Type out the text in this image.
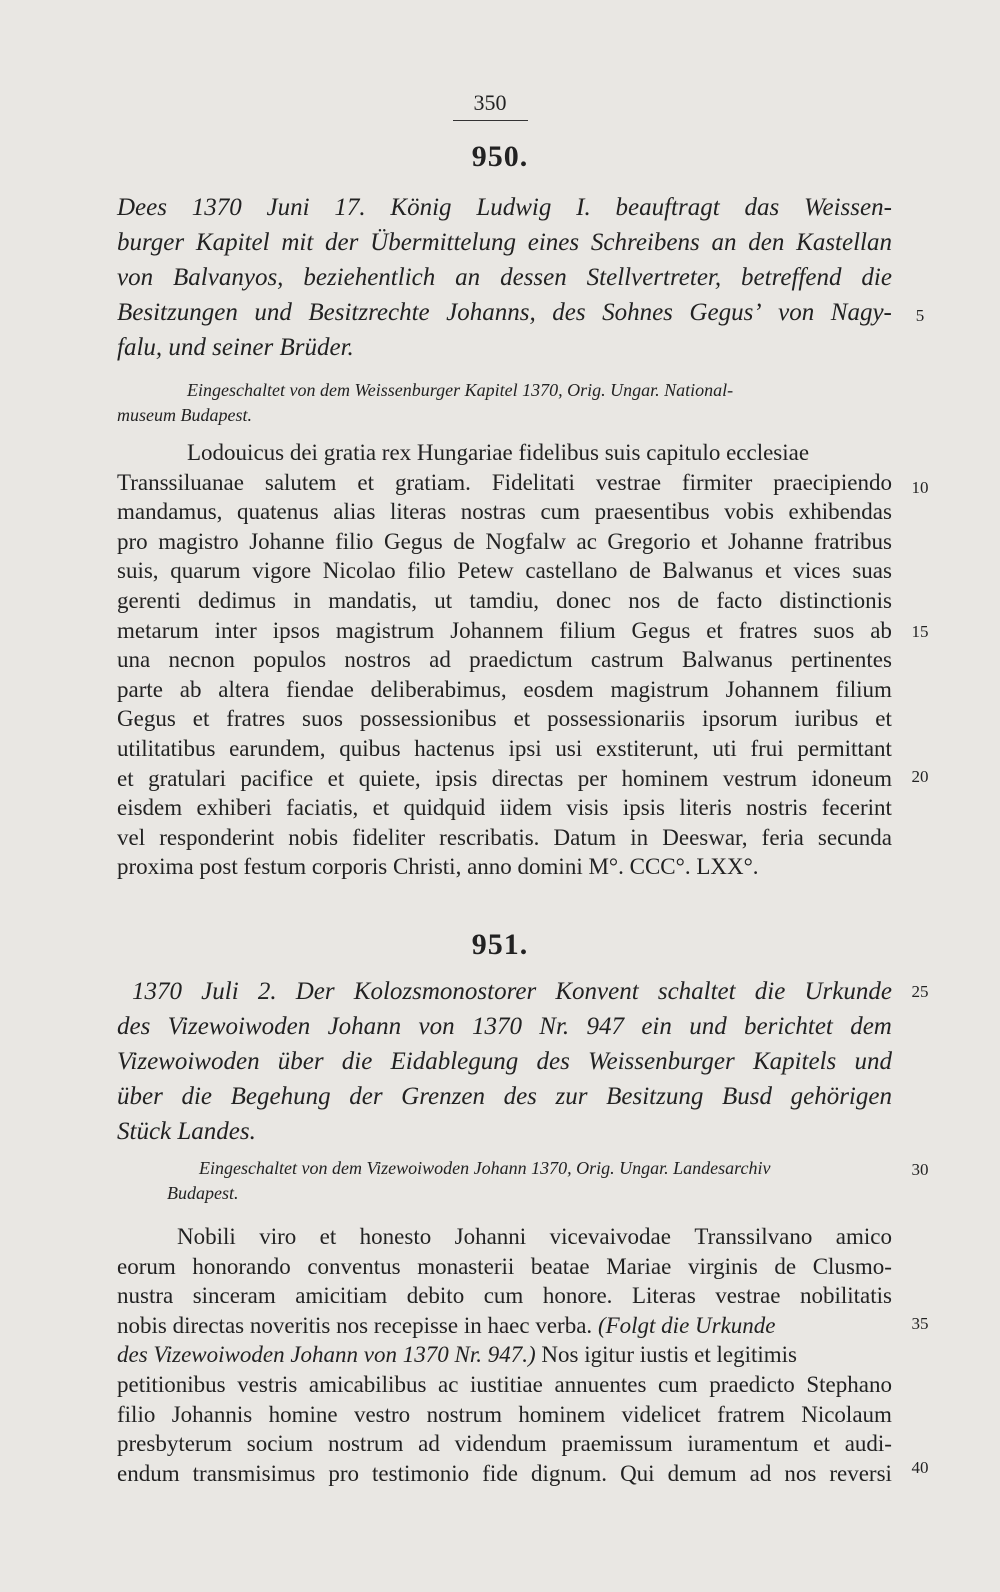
350
950.
Dees 1370 Juni 17. König Ludwig I. beauftragt das Weissen-
burger Kapitel mit der Übermittelung eines Schreibens an den Kastellan
von Balvanyos, beziehentlich an dessen Stellvertreter, betreffend die
Besitzungen und Besitzrechte Johanns, des Sohnes Gegus’ von Nagy-
falu, und seiner Brüder.
Eingeschaltet von dem Weissenburger Kapitel 1370, Orig. Ungar. National-
museum Budapest.
Lodouicus dei gratia rex Hungariae fidelibus suis capitulo ecclesiae
Transsiluanae salutem et gratiam. Fidelitati vestrae firmiter praecipiendo
mandamus, quatenus alias literas nostras cum praesentibus vobis exhibendas
pro magistro Johanne filio Gegus de Nogfalw ac Gregorio et Johanne fratribus
suis, quarum vigore Nicolao filio Petew castellano de Balwanus et vices suas
gerenti dedimus in mandatis, ut tamdiu, donec nos de facto distinctionis
metarum inter ipsos magistrum Johannem filium Gegus et fratres suos ab
una necnon populos nostros ad praedictum castrum Balwanus pertinentes
parte ab altera fiendae deliberabimus, eosdem magistrum Johannem filium
Gegus et fratres suos possessionibus et possessionariis ipsorum iuribus et
utilitatibus earundem, quibus hactenus ipsi usi exstiterunt, uti frui permittant
et gratulari pacifice et quiete, ipsis directas per hominem vestrum idoneum
eisdem exhiberi faciatis, et quidquid iidem visis ipsis literis nostris fecerint
vel responderint nobis fideliter rescribatis. Datum in Deeswar, feria secunda
proxima post festum corporis Christi, anno domini M°. CCC°. LXX°.
951.
1370 Juli 2. Der Kolozsmonostorer Konvent schaltet die Urkunde
des Vizewoiwoden Johann von 1370 Nr. 947 ein und berichtet dem
Vizewoiwoden über die Eidablegung des Weissenburger Kapitels und
über die Begehung der Grenzen des zur Besitzung Busd gehörigen
Stück Landes.
Eingeschaltet von dem Vizewoiwoden Johann 1370, Orig. Ungar. Landesarchiv
Budapest.
Nobili viro et honesto Johanni vicevaivodae Transsilvano amico
eorum honorando conventus monasterii beatae Mariae virginis de Clusmo-
nustra sinceram amicitiam debito cum honore. Literas vestrae nobilitatis
nobis directas noveritis nos recepisse in haec verba. (Folgt die Urkunde
des Vizewoiwoden Johann von 1370 Nr. 947.) Nos igitur iustis et legitimis
petitionibus vestris amicabilibus ac iustitiae annuentes cum praedicto Stephano
filio Johannis homine vestro nostrum hominem videlicet fratrem Nicolaum
presbyterum socium nostrum ad videndum praemissum iuramentum et audi-
endum transmisimus pro testimonio fide dignum. Qui demum ad nos reversi
5
10
15
20
25
30
35
40
